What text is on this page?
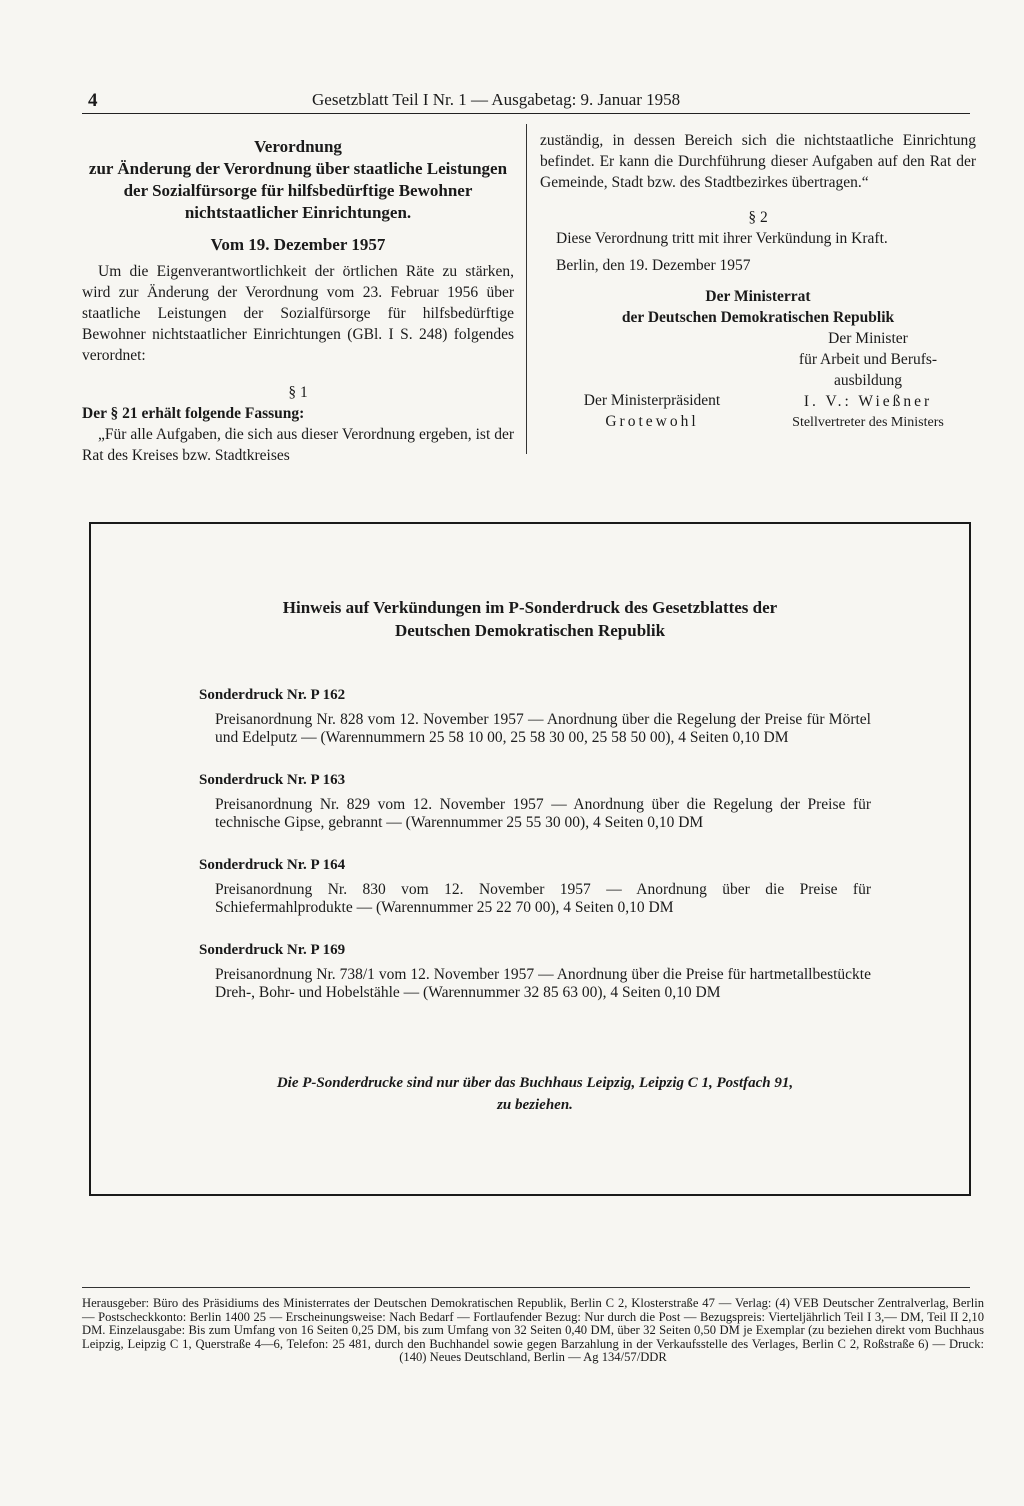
4	Gesetzblatt Teil I Nr. 1 — Ausgabetag: 9. Januar 1958
Verordnung
zur Änderung der Verordnung über staatliche Leistungen der Sozialfürsorge für hilfsbedürftige Bewohner nichtstaatlicher Einrichtungen.
Vom 19. Dezember 1957
Um die Eigenverantwortlichkeit der örtlichen Räte zu stärken, wird zur Änderung der Verordnung vom 23. Februar 1956 über staatliche Leistungen der Sozialfürsorge für hilfsbedürftige Bewohner nichtstaatlicher Einrichtungen (GBl. I S. 248) folgendes verordnet:
§ 1
Der § 21 erhält folgende Fassung:
„Für alle Aufgaben, die sich aus dieser Verordnung ergeben, ist der Rat des Kreises bzw. Stadtkreises
zuständig, in dessen Bereich sich die nichtstaatliche Einrichtung befindet. Er kann die Durchführung dieser Aufgaben auf den Rat der Gemeinde, Stadt bzw. des Stadtbezirkes übertragen.“
§ 2
Diese Verordnung tritt mit ihrer Verkündung in Kraft.
Berlin, den 19. Dezember 1957
Der Ministerrat
der Deutschen Demokratischen Republik
Der Ministerpräsident
Grotewohl
Der Minister
für Arbeit und Berufs-
ausbildung
I. V.: Wießner
Stellvertreter des Ministers
Hinweis auf Verkündungen im P-Sonderdruck des Gesetzblattes der
Deutschen Demokratischen Republik
Sonderdruck Nr. P 162
Preisanordnung Nr. 828 vom 12. November 1957 — Anordnung über die Regelung der Preise für Mörtel und Edelputz — (Warennummern 25 58 10 00, 25 58 30 00, 25 58 50 00), 4 Seiten 0,10 DM
Sonderdruck Nr. P 163
Preisanordnung Nr. 829 vom 12. November 1957 — Anordnung über die Regelung der Preise für technische Gipse, gebrannt — (Warennummer 25 55 30 00), 4 Seiten 0,10 DM
Sonderdruck Nr. P 164
Preisanordnung Nr. 830 vom 12. November 1957 — Anordnung über die Preise für Schiefermahlprodukte — (Warennummer 25 22 70 00), 4 Seiten 0,10 DM
Sonderdruck Nr. P 169
Preisanordnung Nr. 738/1 vom 12. November 1957 — Anordnung über die Preise für hartmetallbestückte Dreh-, Bohr- und Hobelstähle — (Warennummer 32 85 63 00), 4 Seiten 0,10 DM
Die P-Sonderdrucke sind nur über das Buchhaus Leipzig, Leipzig C 1, Postfach 91,
zu beziehen.
Herausgeber: Büro des Präsidiums des Ministerrates der Deutschen Demokratischen Republik, Berlin C 2, Klosterstraße 47 — Verlag: (4) VEB Deutscher Zentralverlag, Berlin — Postscheckkonto: Berlin 1400 25 — Erscheinungsweise: Nach Bedarf — Fortlaufender Bezug: Nur durch die Post — Bezugspreis: Vierteljährlich Teil I 3,— DM, Teil II 2,10 DM. Einzelausgabe: Bis zum Umfang von 16 Seiten 0,25 DM, bis zum Umfang von 32 Seiten 0,40 DM, über 32 Seiten 0,50 DM je Exemplar (zu beziehen direkt vom Buchhaus Leipzig, Leipzig C 1, Querstraße 4—6, Telefon: 25 481, durch den Buchhandel sowie gegen Barzahlung in der Verkaufsstelle des Verlages, Berlin C 2, Roßstraße 6) — Druck: (140) Neues Deutschland, Berlin — Ag 134/57/DDR
